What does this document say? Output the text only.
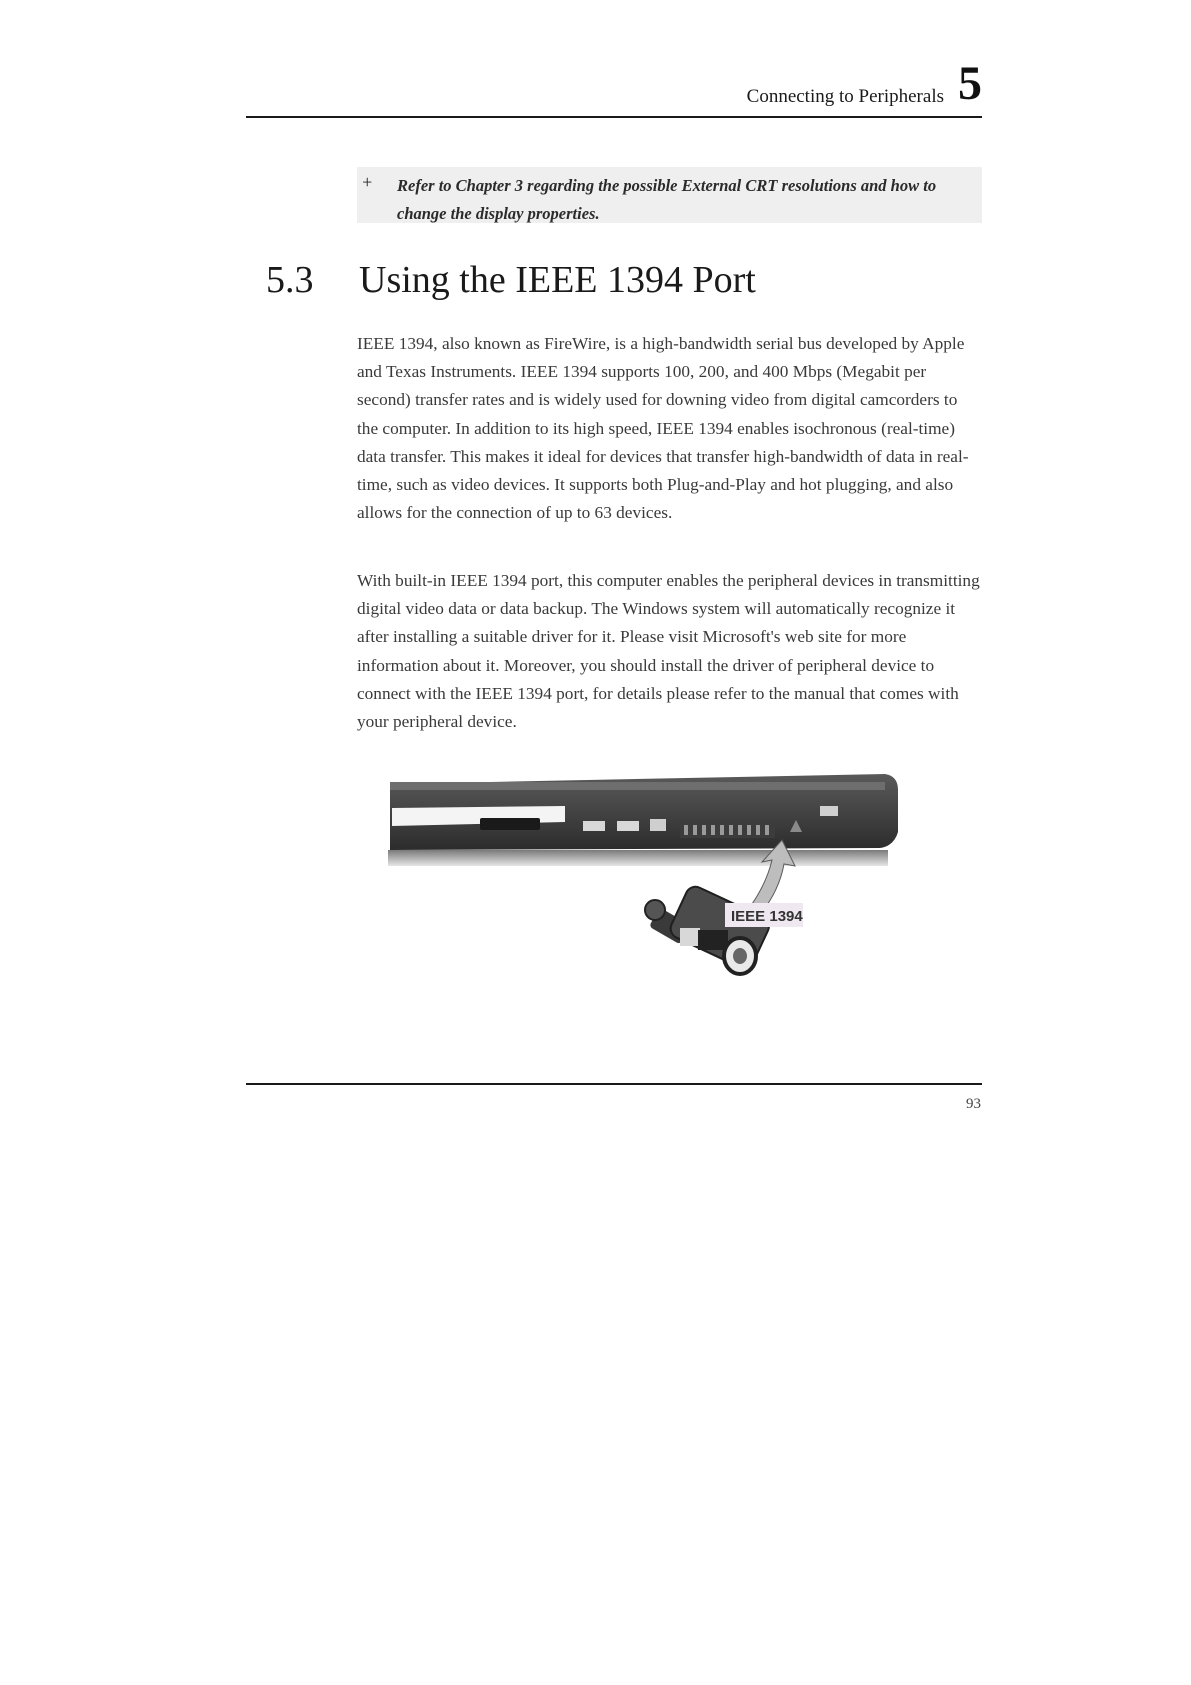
Connecting to Peripherals 5
+ Refer to Chapter 3 regarding the possible External CRT resolutions and how to change the display properties.
5.3 Using the IEEE 1394 Port

IEEE 1394, also known as FireWire, is a high-bandwidth serial bus developed by Apple and Texas Instruments. IEEE 1394 supports 100, 200, and 400 Mbps (Megabit per second) transfer rates and is widely used for downing video from digital camcorders to the computer. In addition to its high speed, IEEE 1394 enables isochronous (real-time) data transfer. This makes it ideal for devices that transfer high-bandwidth of data in real-time, such as video devices. It supports both Plug-and-Play and hot plugging, and also allows for the connection of up to 63 devices.

With built-in IEEE 1394 port, this computer enables the peripheral devices in transmitting digital video data or data backup. The Windows system will automatically recognize it after installing a suitable driver for it. Please visit Microsoft's web site for more information about it. Moreover, you should install the driver of peripheral device to connect with the IEEE 1394 port, for details please refer to the manual that comes with your peripheral device.

IEEE 1394
93
